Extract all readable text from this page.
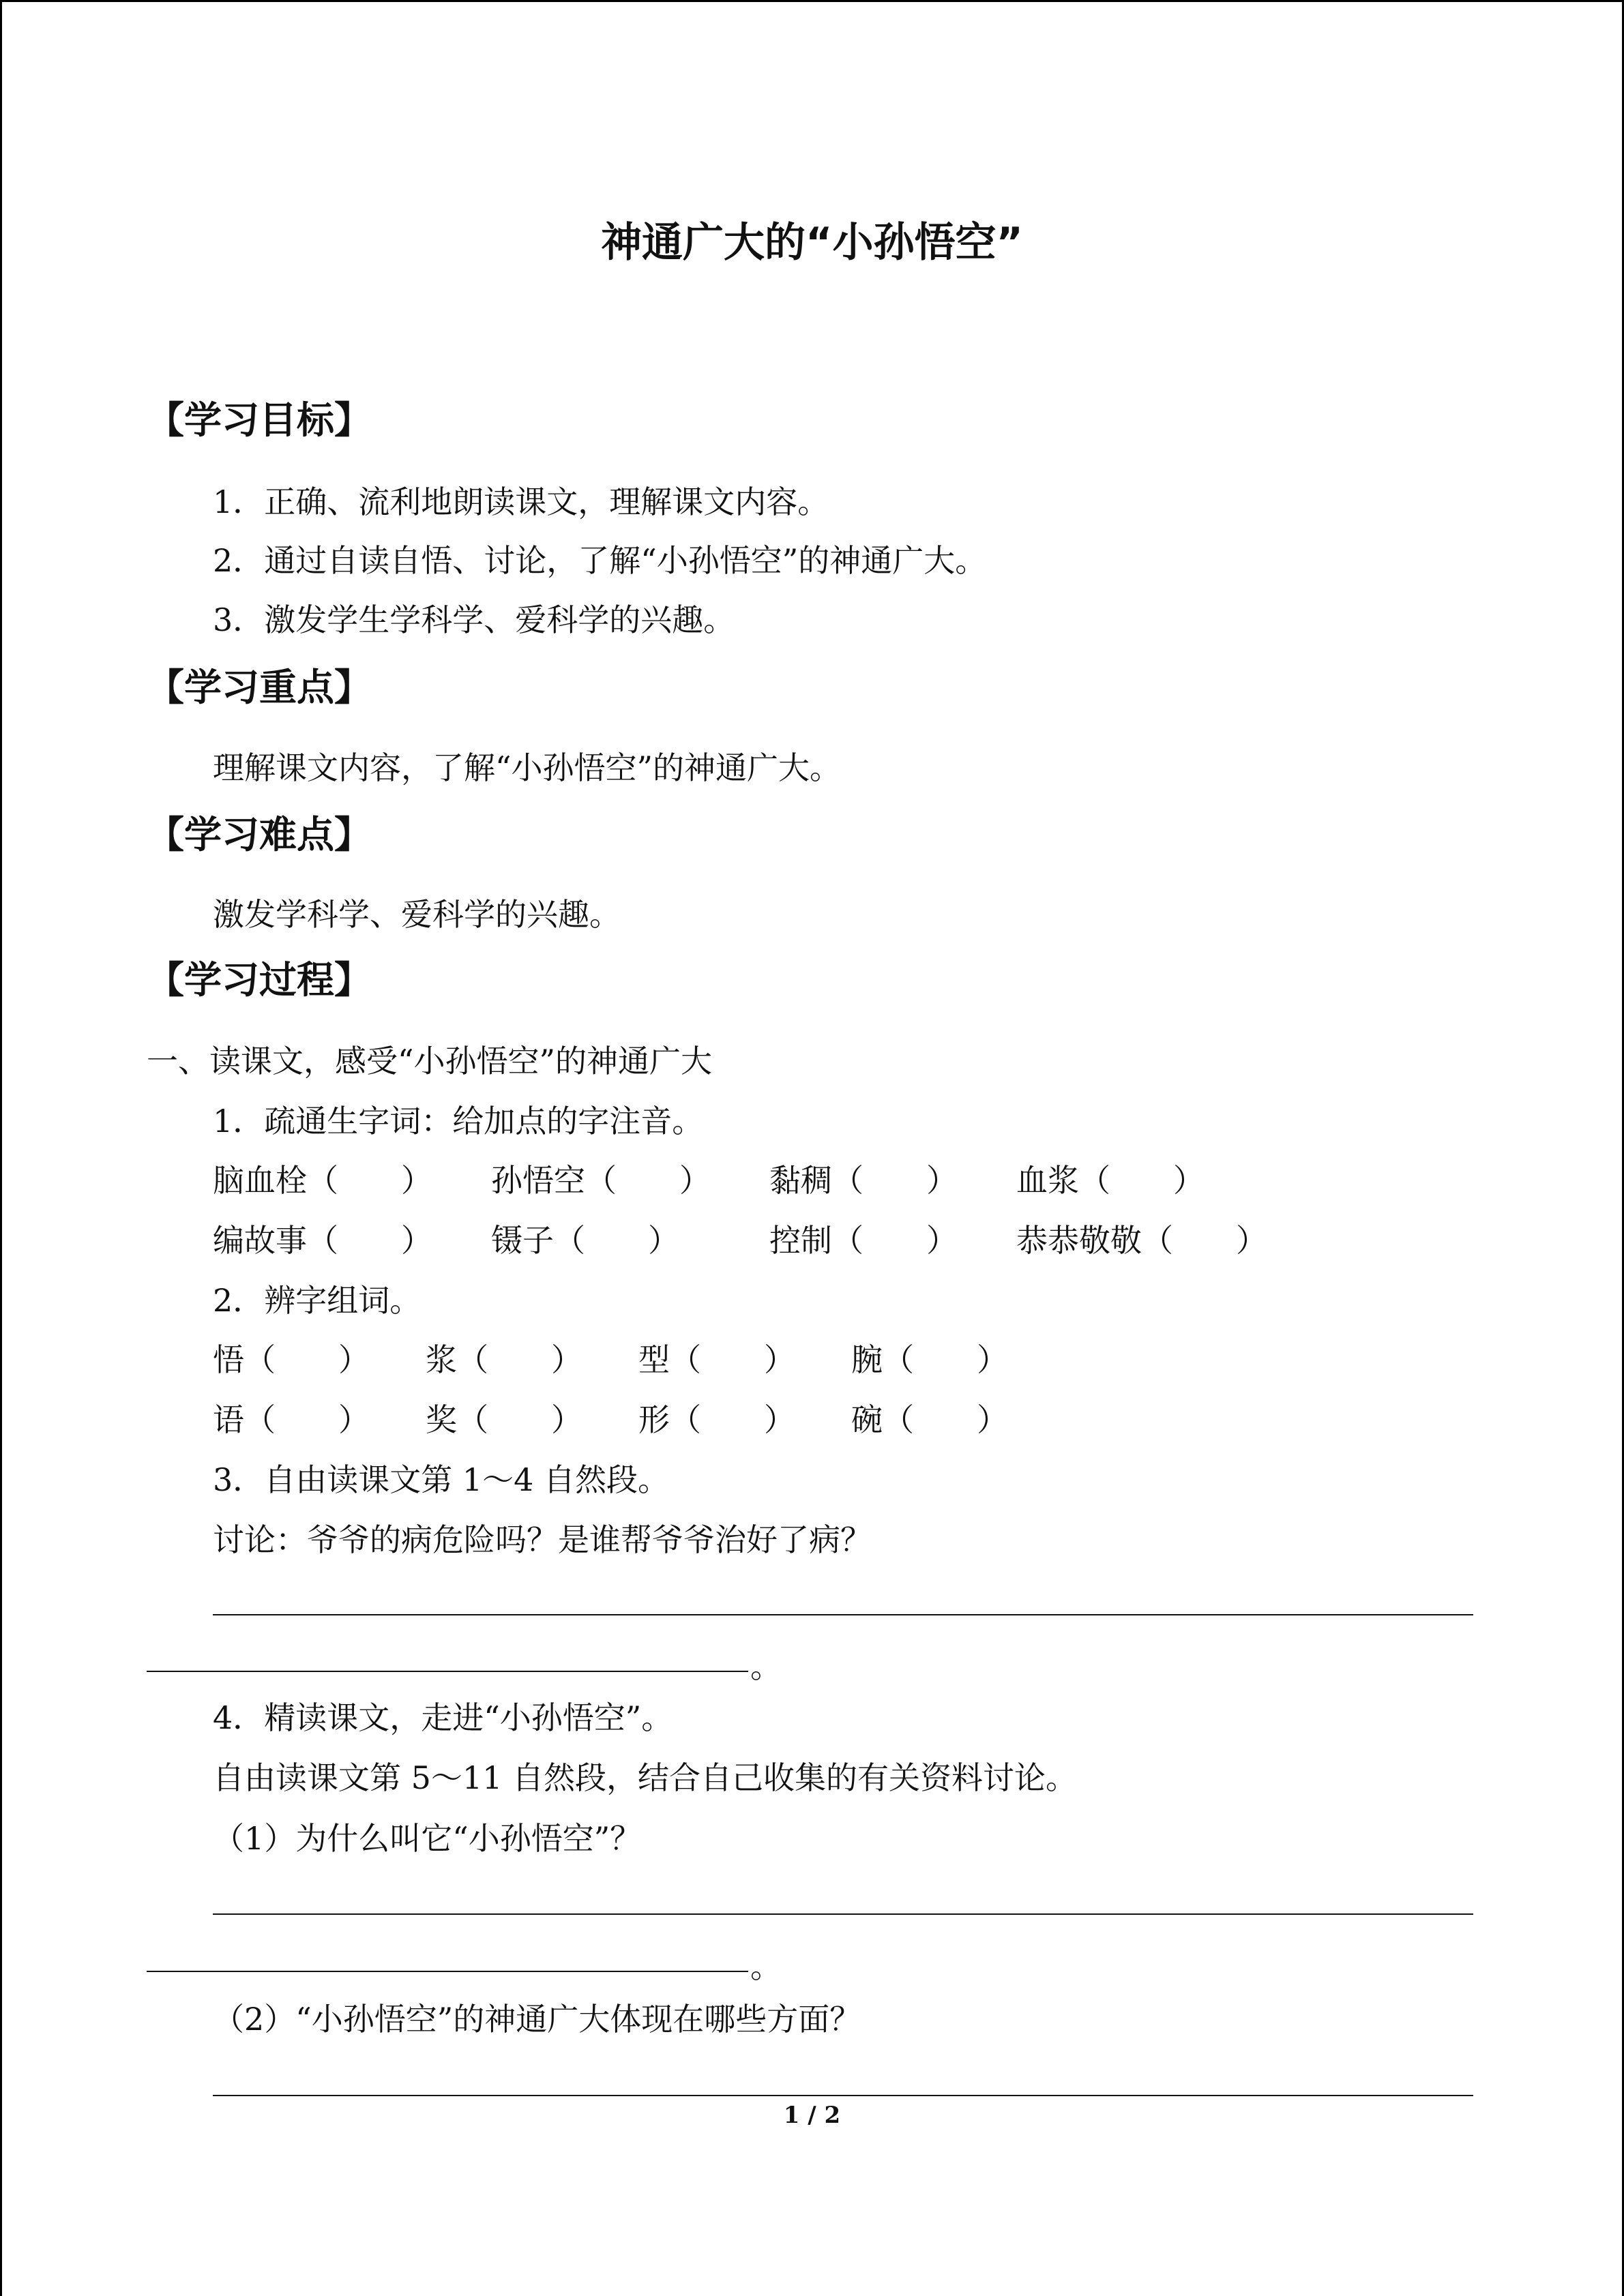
神通广大的“小孙悟空”
【学习目标】
1．正确、流利地朗读课文，理解课文内容。
2．通过自读自悟、讨论，了解“小孙悟空”的神通广大。
3．激发学生学科学、爱科学的兴趣。
【学习重点】
理解课文内容，了解“小孙悟空”的神通广大。
【学习难点】
激发学科学、爱科学的兴趣。
【学习过程】
一、读课文，感受“小孙悟空”的神通广大
1．疏通生字词：给加点的字注音。
脑血栓（　　） 孙悟空（　　） 黏稠（　　） 血浆（　　）
编故事（　　） 镊子（　　）	控制（　　） 恭恭敬敬（　　）
2．辨字组词。
悟（　　） 浆（　　） 型（　　） 腕（　　）
语（　　） 奖（　　） 形（　　） 碗（　　）
3．自由读课文第 1～4 自然段。
讨论：爷爷的病危险吗？是谁帮爷爷治好了病？
。
4．精读课文，走进“小孙悟空”。
自由读课文第 5～11 自然段，结合自己收集的有关资料讨论。
（1）为什么叫它“小孙悟空”？
。
（2）“小孙悟空”的神通广大体现在哪些方面？
1 / 2
